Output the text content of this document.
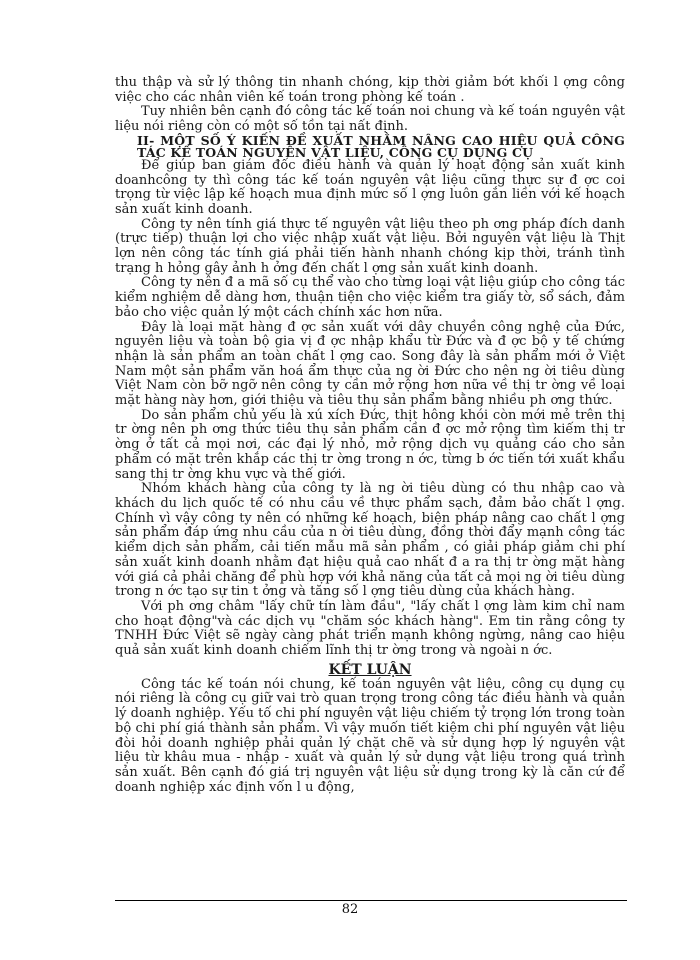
thu thập và sử lý thông tin nhanh chóng, kịp thời giảm bớt khối l ợng công việc cho các nhân viên kế toán trong phòng kế toán .

Tuy nhiên bên cạnh đó công tác kế toán noi chung và kế toán nguyên vật liệu nói riêng còn có một số tồn tại nất định.

II- MỘT SỐ Ý KIẾN ĐỀ XUẤT NHẰM NÂNG CAO HIỆU QUẢ CÔNG TÁC KẾ TOÁN NGUYÊN VẬT LIỆU, CÔNG CỤ DỤNG CỤ

Để giúp ban giám đốc điều hành và quản lý hoạt động sản xuất kinh doanhcông ty thì công tác kế toán nguyên vật liệu cũng thực sự đ ợc coi trọng từ việc lập kế hoạch mua định mức số l ợng luôn gắn liền với kế hoạch sản xuất kinh doanh.

Công ty nên tính giá thực tế nguyên vật liệu theo ph ơng pháp đích danh (trực tiếp) thuận lợi cho việc nhập xuất vật liệu. Bởi nguyên vật liệu là Thịt lợn nên công tác tính giá phải tiến hành nhanh chóng kịp thời, tránh tình trạng h hỏng gây ảnh h ởng đến chất l ợng sản xuất kinh doanh.

Công ty nên đ a mã số cụ thể vào cho từng loại vật liệu giúp cho công tác kiểm nghiệm dễ dàng hơn, thuận tiện cho việc kiểm tra giấy tờ, sổ sách, đảm bảo cho việc quản lý một cách chính xác hơn nữa.

Đây là loại mặt hàng đ ợc sản xuất với dây chuyền công nghệ của Đức, nguyên liệu và toàn bộ gia vị đ ợc nhập khẩu từ Đức và đ ợc bộ y tế chứng nhận là sản phẩm an toàn chất l ợng cao. Song đây là sản phẩm mới ở Việt Nam một sản phẩm văn hoá ẩm thực của ng ời Đức cho nên ng ời tiêu dùng Việt Nam còn bỡ ngỡ nên công ty cần mở rộng hơn nữa về thị tr ờng về loại mặt hàng này hơn, giới thiệu và tiêu thụ sản phẩm bằng nhiều ph ơng thức.

Do sản phẩm chủ yếu là xú xích Đức, thịt hông khói còn mới mẻ trên thị tr ờng nên ph ơng thức tiêu thụ sản phẩm cần đ ợc mở rộng tìm kiếm thị tr ờng ở tất cả mọi nơi, các đại lý nhỏ, mở rộng dịch vụ quảng cáo cho sản phẩm có mặt trên khắp các thị tr ờng trong n ớc, từng b ớc tiến tới xuất khẩu sang thị tr ờng khu vực và thế giới.

Nhóm khách hàng của công ty là ng ời tiêu dùng có thu nhập cao và khách du lịch quốc tế có nhu cầu về thực phẩm sạch, đảm bảo chất l ợng. Chính vì vậy công ty nên có những kế hoạch, biện pháp nâng cao chất l ợng sản phẩm đáp ứng nhu cầu của n ời tiêu dùng, đồng thời đẩy mạnh công tác kiểm dịch sản phẩm, cải tiến mẫu mã sản phẩm , có giải pháp giảm chi phí sản xuất kinh doanh nhằm đạt hiệu quả cao nhất đ a ra thị tr ờng mặt hàng với giá cả phải chăng để phù hợp với khả năng của tất cả mọi ng ời tiêu dùng trong n ớc tạo sự tin t ởng và tăng số l ợng tiêu dùng của khách hàng.

Với ph ơng châm "lấy chữ tín làm đầu", "lấy chất l ợng làm kim chỉ nam cho hoạt động"và các dịch vụ "chăm sóc khách hàng". Em tin rằng công ty TNHH Đức Việt sẽ ngày càng phát triển mạnh không ngừng, nâng cao hiệu quả sản xuất kinh doanh chiếm lĩnh thị tr ờng trong và ngoài n ớc.

KẾT LUẬN

Công tác kế toán nói chung, kế toán nguyên vật liệu, công cụ dụng cụ nói riêng là công cụ giữ vai trò quan trọng trong công tác điều hành và quản lý doanh nghiệp. Yếu tố chi phí nguyên vật liệu chiếm tỷ trọng lớn trong toàn bộ chi phí giá thành sản phẩm. Vì vậy muốn tiết kiệm chi phí nguyên vật liệu đòi hỏi doanh nghiệp phải quản lý chặt chẽ và sử dụng hợp lý nguyên vật liệu từ khâu mua - nhập - xuất và quản lý sử dụng vật liệu trong quá trình sản xuất. Bên cạnh đó giá trị nguyên vật liệu sử dụng trong kỳ là căn cứ để doanh nghiệp xác định vốn l u động,

82
